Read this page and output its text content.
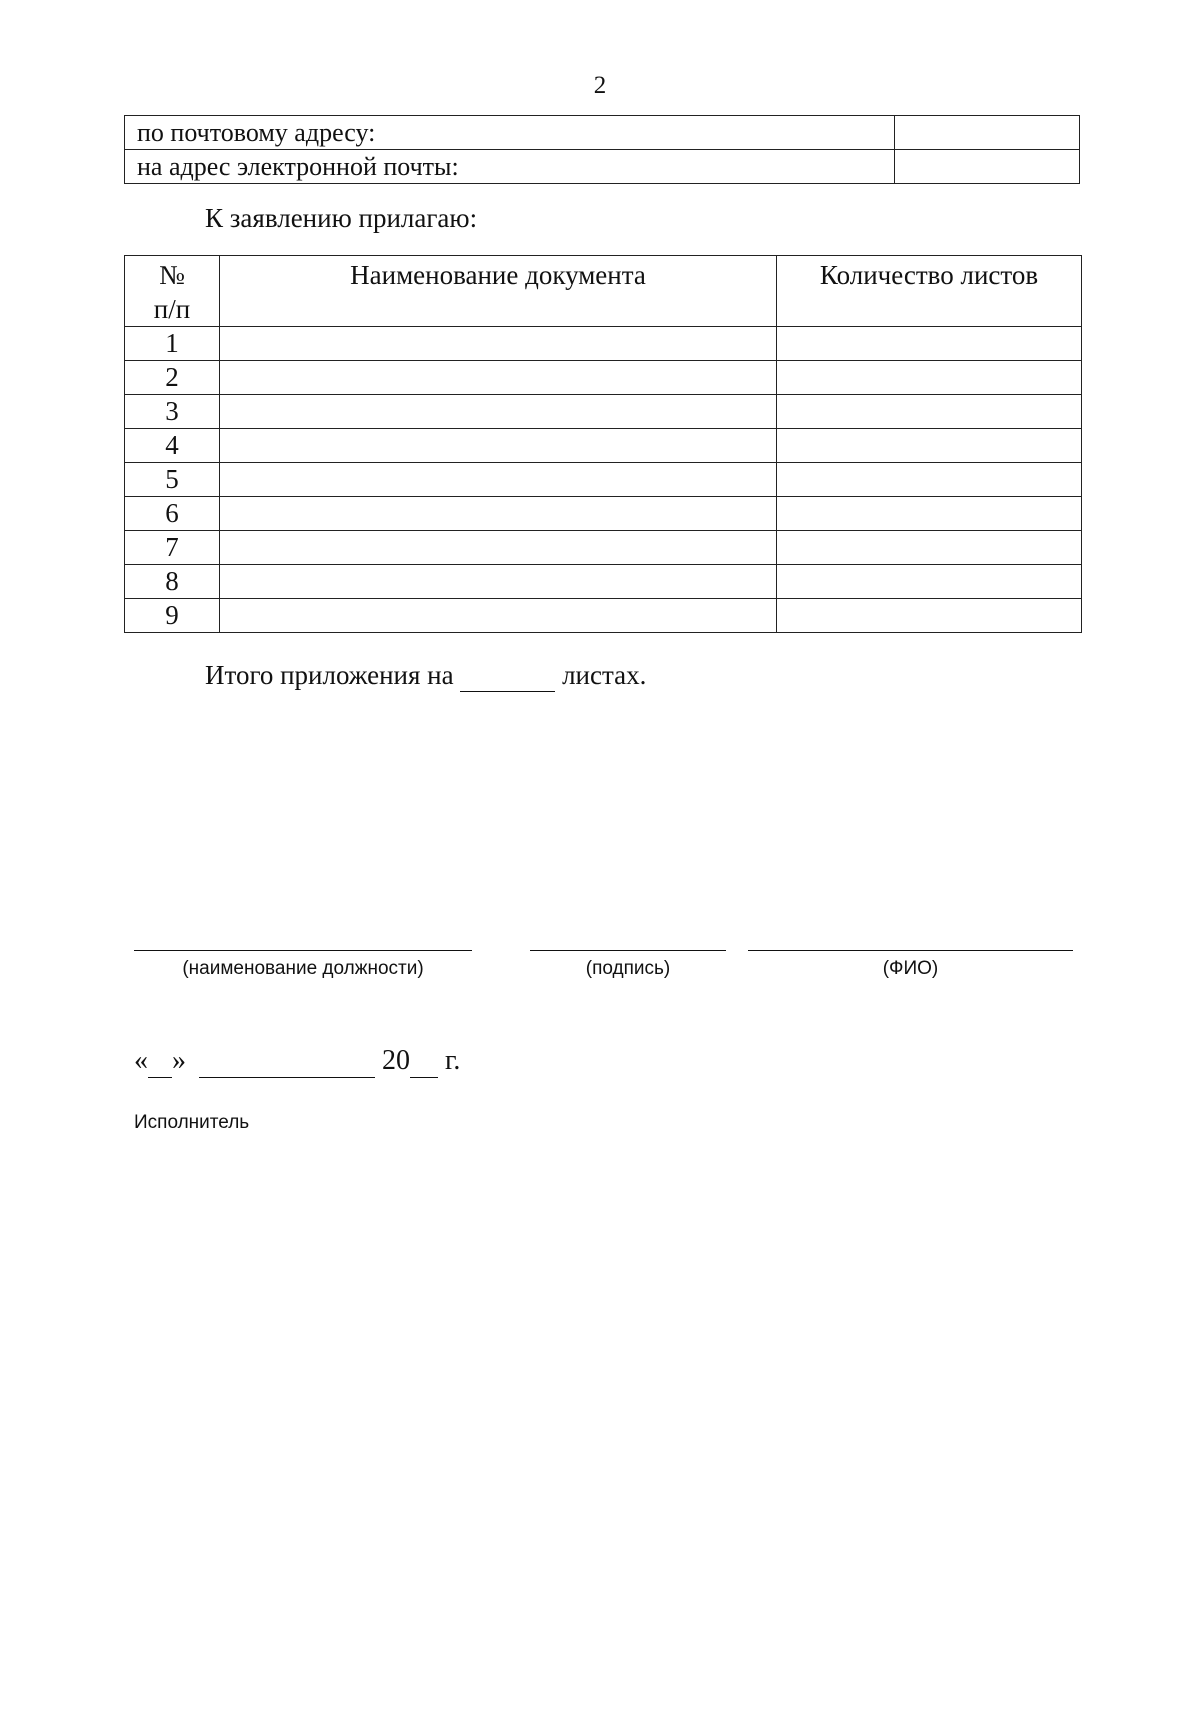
2
по почтовому адресу:	
на адрес электронной почты:	
К заявлению прилагаю:
№
п/п	Наименование документа	Количество листов
1		
2		
3		
4		
5		
6		
7		
8		
9		
Итого приложения на	листах.
(наименование должности)	(подпись)	(ФИО)
« »	20 г.
Исполнитель
